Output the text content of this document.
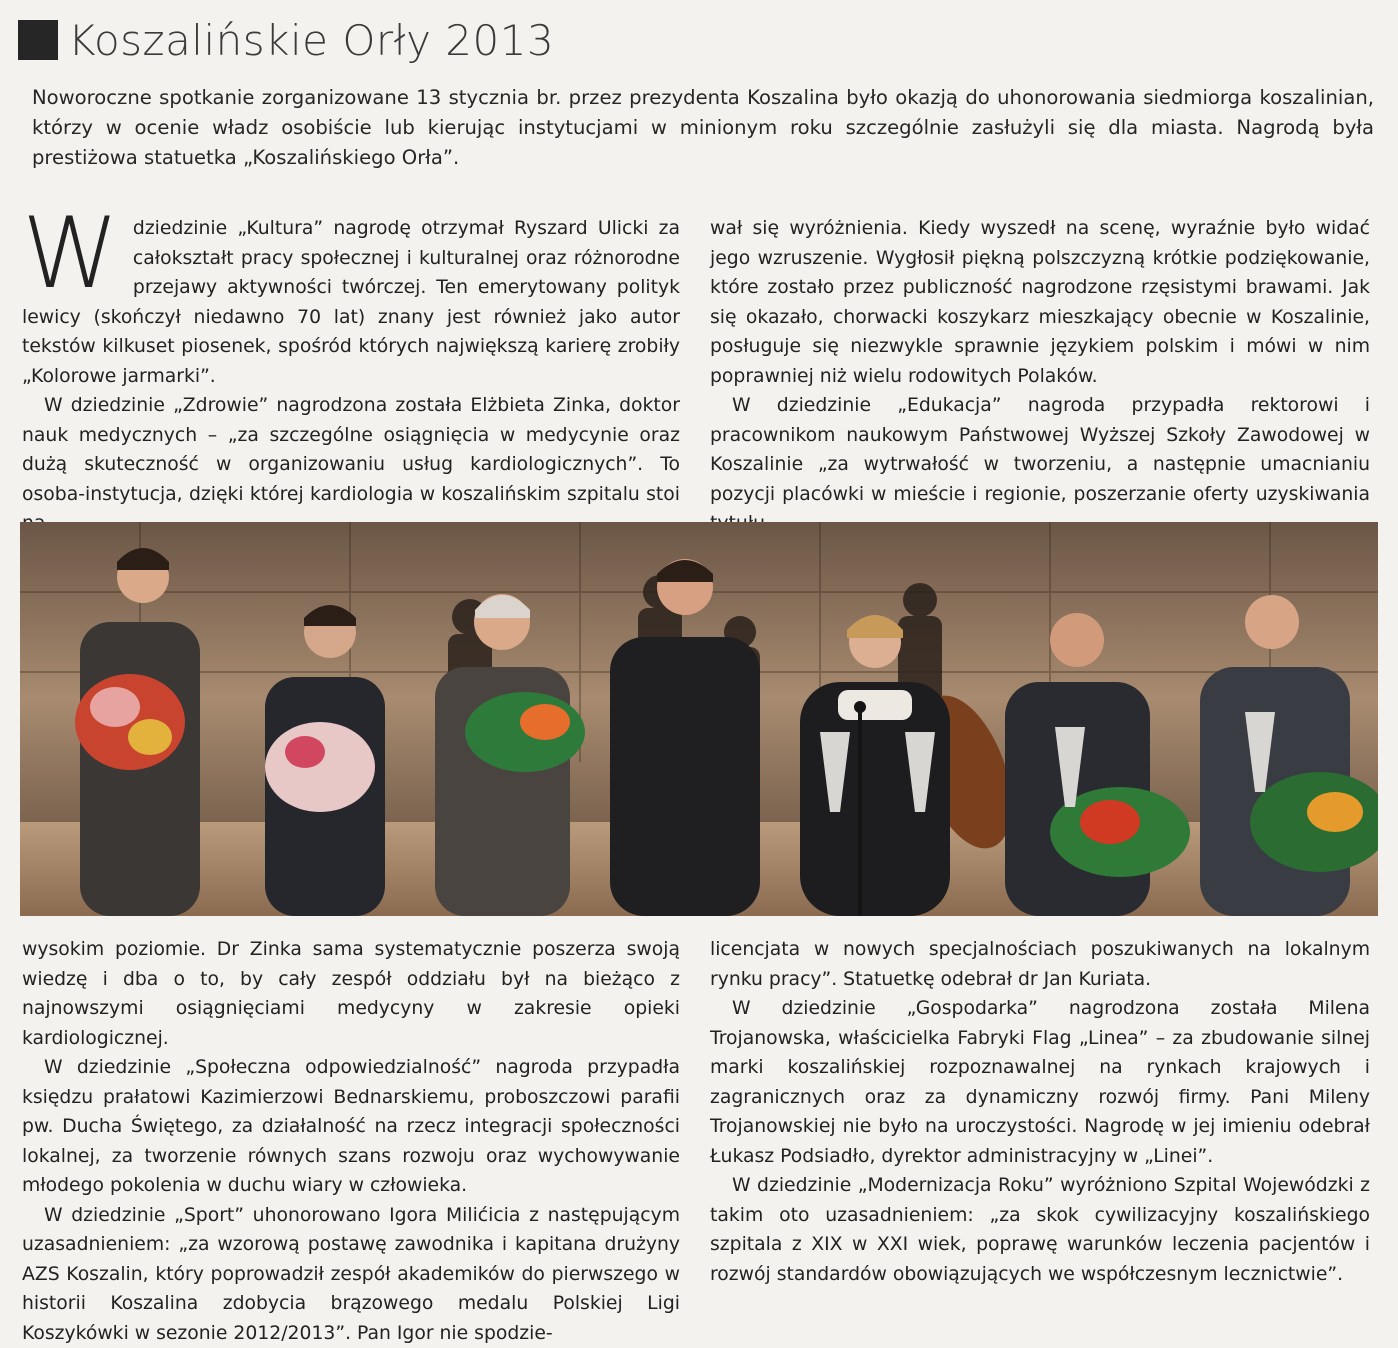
Koszalińskie Orły 2013
Noworoczne spotkanie zorganizowane 13 stycznia br. przez prezydenta Koszalina było okazją do uhonorowania siedmiorga koszalinian, którzy w ocenie władz osobiście lub kierując instytucjami w minionym roku szczególnie zasłużyli się dla miasta. Nagrodą była prestiżowa statuetka „Koszalińskiego Orła”.

Wdziedzinie „Kultura” nagrodę otrzymał Ryszard Ulicki za całokształt pracy społecznej i kulturalnej oraz różnorodne przejawy aktywności twórczej. Ten emerytowany polityk lewicy (skończył niedawno 70 lat) znany jest również jako autor tekstów kilkuset piosenek, spośród których największą karierę zrobiły „Kolorowe jarmarki”.

W dziedzinie „Zdrowie” nagrodzona została Elżbieta Zinka, doktor nauk medycznych – „za szczególne osiągnięcia w medycynie oraz dużą skuteczność w organizowaniu usług kardiologicznych”. To osoba-instytucja, dzięki której kardiologia w koszalińskim szpitalu stoi

wał się wyróżnienia. Kiedy wyszedł na scenę, wyraźnie było widać jego wzruszenie. Wygłosił piękną polszczyzną krótkie podziękowanie, które zostało przez publiczność nagrodzone rzęsistymi brawami. Jak się okazało, chorwacki koszykarz mieszkający obecnie w Koszalinie, posługuje się niezwykle sprawnie językiem polskim i mówi w nim poprawniej niż wielu rodowitych Polaków.

W dziedzinie „Edukacja” nagroda przypadła rektorowi i pracownikom naukowym Państwowej Wyższej Szkoły Zawodowej w Koszalinie „za wytrwałość w tworzeniu, a następnie umacnianiu pozycji placówki w mieście i regionie, poszerzanie oferty uzyskiwania

wysokim poziomie. Dr Zinka sama systematycznie poszerza swoją wiedzę i dba o to, by cały zespół oddziału był na bieżąco z najnowszymi osiągnięciami medycyny w zakresie opieki kardiologicznej.

W dziedzinie „Społeczna odpowiedzialność” nagroda przypadła księdzu prałatowi Kazimierzowi Bednarskiemu, proboszczowi parafii pw. Ducha Świętego, za działalność na rzecz integracji społeczności lokalnej, za tworzenie równych szans rozwoju oraz wychowywanie młodego pokolenia w duchu wiary w człowieka.

W dziedzinie „Sport” uhonorowano Igora Milićicia z następującym uzasadnieniem: „za wzorową postawę zawodnika i kapitana drużyny AZS Koszalin, który poprowadził zespół akademików do pierwszego w historii Koszalina zdobycia brązowego medalu Polskiej Ligi Koszykówki w sezonie 2012/2013”. Pan Igor nie spodzie-

licencjata w nowych specjalnościach poszukiwanych na lokalnym rynku pracy”. Statuetkę odebrał dr Jan Kuriata.

W dziedzinie „Gospodarka” nagrodzona została Milena Trojanowska, właścicielka Fabryki Flag „Linea” – za zbudowanie silnej marki koszalińskiej rozpoznawalnej na rynkach krajowych i zagranicznych oraz za dynamiczny rozwój firmy. Pani Mileny Trojanowskiej nie było na uroczystości. Nagrodę w jej imieniu odebrał Łukasz Podsiadło, dyrektor administracyjny w „Linei”.

W dziedzinie „Modernizacja Roku” wyróżniono Szpital Wojewódzki z takim oto uzasadnieniem: „za skok cywilizacyjny koszalińskiego szpitala z XIX w XXI wiek, poprawę warunków leczenia pacjentów i rozwój standardów obowiązujących we współczesnym lecznictwie”.
